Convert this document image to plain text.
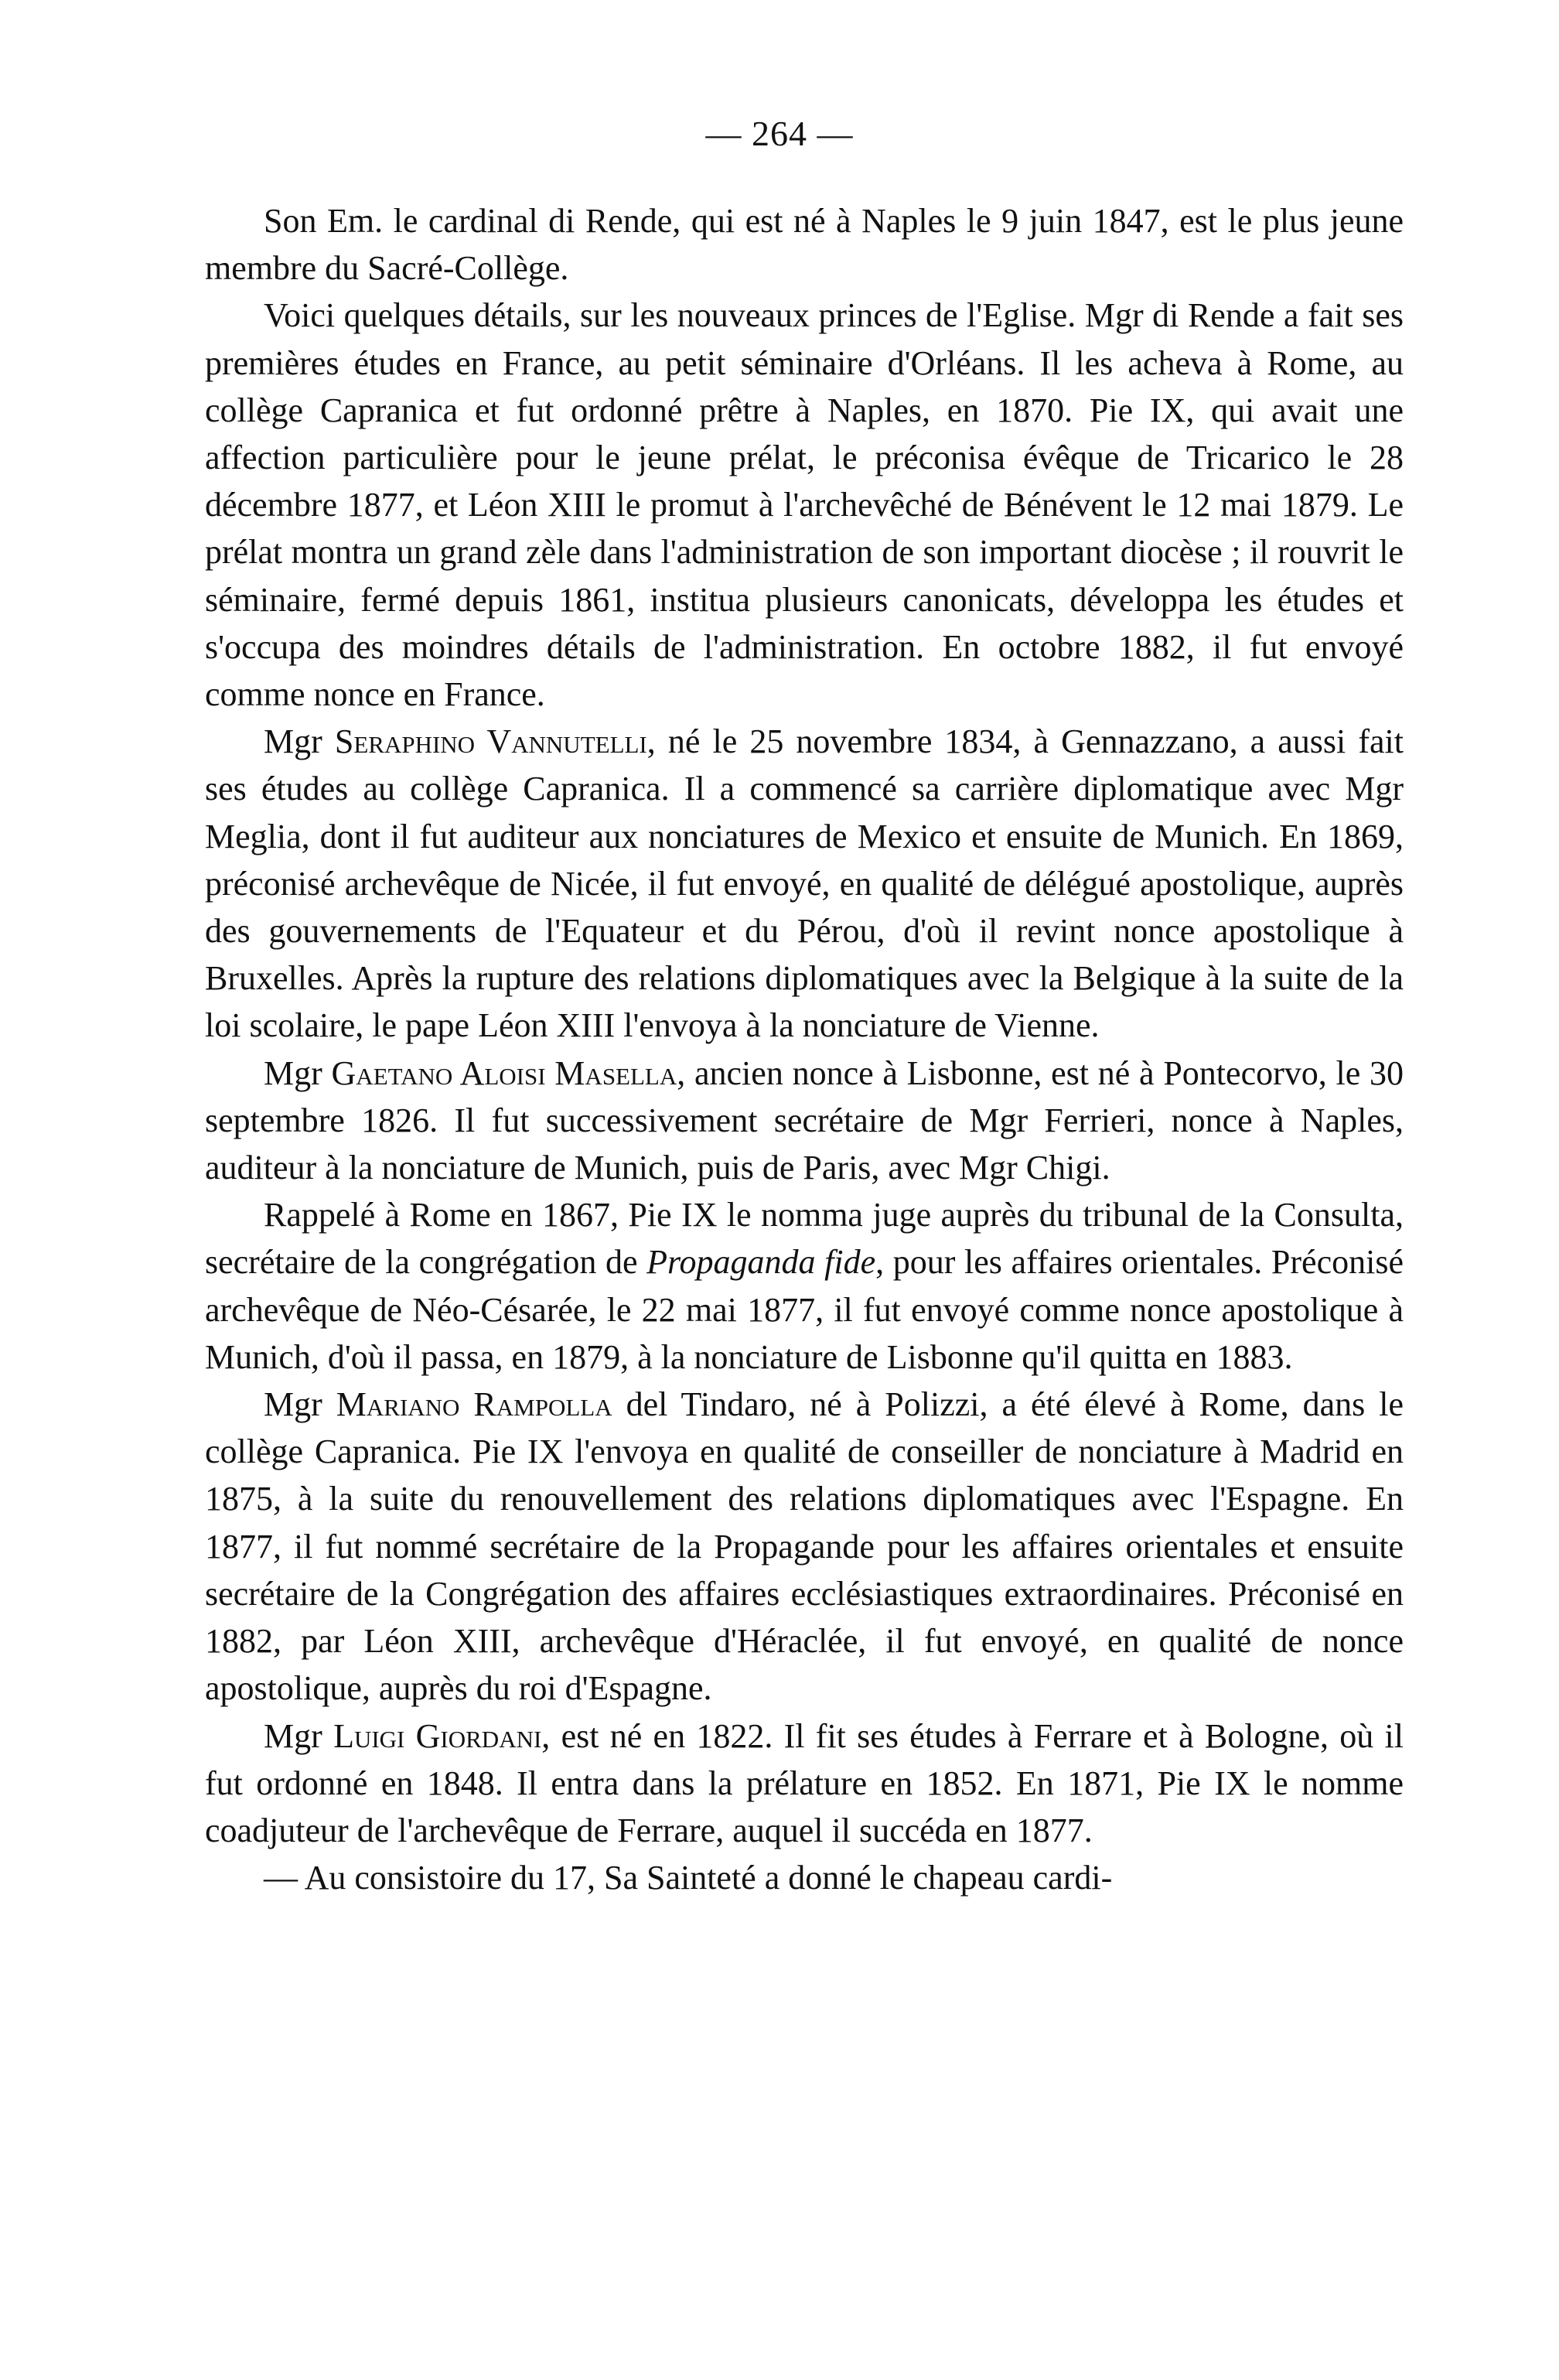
— 264 —

Son Em. le cardinal di Rende, qui est né à Naples le 9 juin 1847, est le plus jeune membre du Sacré-Collège.

Voici quelques détails, sur les nouveaux princes de l'Eglise. Mgr di Rende a fait ses premières études en France, au petit séminaire d'Orléans. Il les acheva à Rome, au collège Capranica et fut ordonné prêtre à Naples, en 1870. Pie IX, qui avait une affection particulière pour le jeune prélat, le préconisa évêque de Tricarico le 28 décembre 1877, et Léon XIII le promut à l'archevêché de Bénévent le 12 mai 1879. Le prélat montra un grand zèle dans l'administration de son important diocèse ; il rouvrit le séminaire, fermé depuis 1861, institua plusieurs canonicats, développa les études et s'occupa des moindres détails de l'administration. En octobre 1882, il fut envoyé comme nonce en France.

Mgr Seraphino Vannutelli, né le 25 novembre 1834, à Gennazzano, a aussi fait ses études au collège Capranica. Il a commencé sa carrière diplomatique avec Mgr Meglia, dont il fut auditeur aux nonciatures de Mexico et ensuite de Munich. En 1869, préconisé archevêque de Nicée, il fut envoyé, en qualité de délégué apostolique, auprès des gouvernements de l'Equateur et du Pérou, d'où il revint nonce apostolique à Bruxelles. Après la rupture des relations diplomatiques avec la Belgique à la suite de la loi scolaire, le pape Léon XIII l'envoya à la nonciature de Vienne.

Mgr Gaetano Aloisi Masella, ancien nonce à Lisbonne, est né à Pontecorvo, le 30 septembre 1826. Il fut successivement secrétaire de Mgr Ferrieri, nonce à Naples, auditeur à la nonciature de Munich, puis de Paris, avec Mgr Chigi.

Rappelé à Rome en 1867, Pie IX le nomma juge auprès du tribunal de la Consulta, secrétaire de la congrégation de Propaganda fide, pour les affaires orientales. Préconisé archevêque de Néo-Césarée, le 22 mai 1877, il fut envoyé comme nonce apostolique à Munich, d'où il passa, en 1879, à la nonciature de Lisbonne qu'il quitta en 1883.

Mgr Mariano Rampolla del Tindaro, né à Polizzi, a été élevé à Rome, dans le collège Capranica. Pie IX l'envoya en qualité de conseiller de nonciature à Madrid en 1875, à la suite du renouvellement des relations diplomatiques avec l'Espagne. En 1877, il fut nommé secrétaire de la Propagande pour les affaires orientales et ensuite secrétaire de la Congrégation des affaires ecclésiastiques extraordinaires. Préconisé en 1882, par Léon XIII, archevêque d'Héraclée, il fut envoyé, en qualité de nonce apostolique, auprès du roi d'Espagne.

Mgr Luigi Giordani, est né en 1822. Il fit ses études à Ferrare et à Bologne, où il fut ordonné en 1848. Il entra dans la prélature en 1852. En 1871, Pie IX le nomme coadjuteur de l'archevêque de Ferrare, auquel il succéda en 1877.

— Au consistoire du 17, Sa Sainteté a donné le chapeau cardi-
